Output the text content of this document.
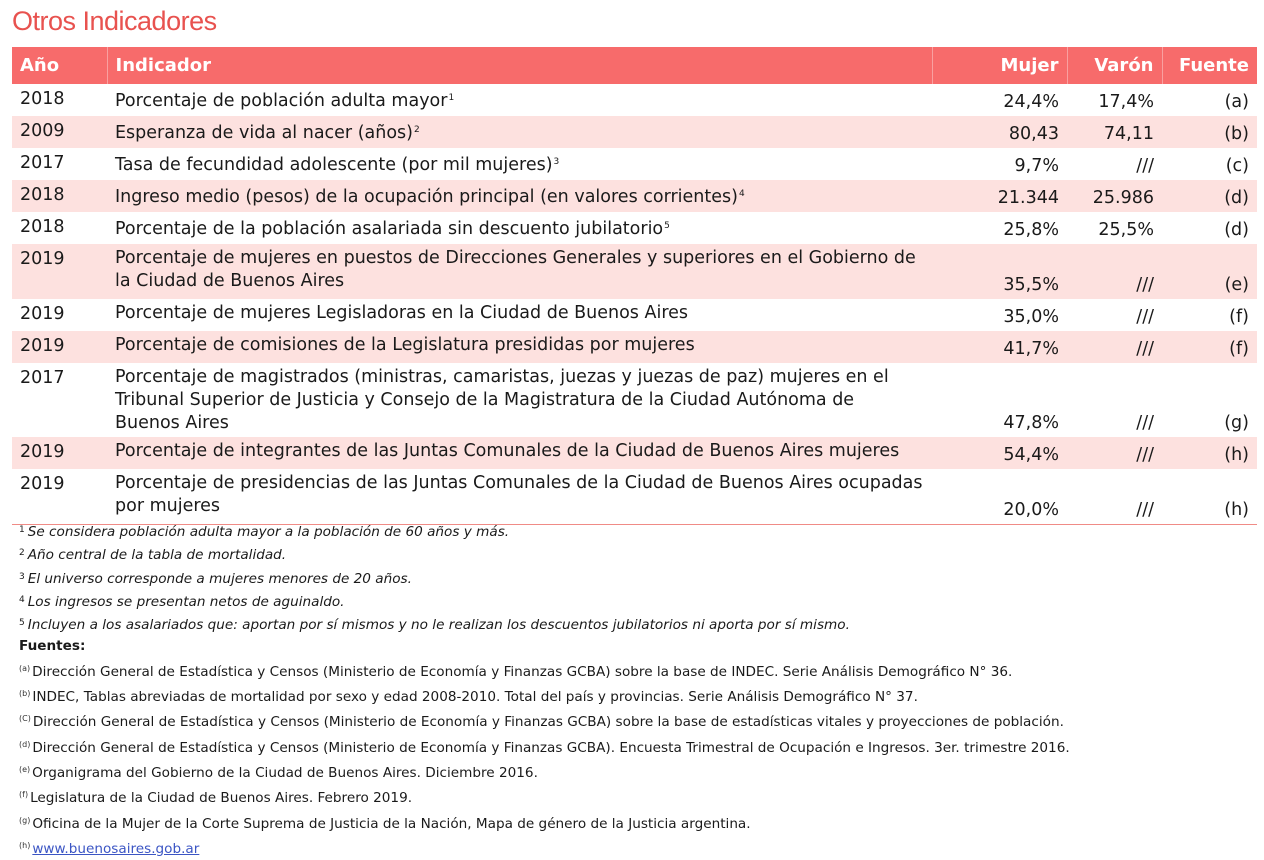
Otros Indicadores
Año	Indicador	Mujer	Varón	Fuente
2018	Porcentaje de población adulta mayor$^1$	24,4%	17,4%	(a)
2009	Esperanza de vida al nacer (años)$^2$	80,43	74,11	(b)
2017	Tasa de fecundidad adolescente (por mil mujeres)$^3$	9,7%	///	(c)
2018	Ingreso medio (pesos) de la ocupación principal (en valores corrientes)$^4$	21.344	25.986	(d)
2018	Porcentaje de la población asalariada sin descuento jubilatorio$^5$	25,8%	25,5%	(d)
2019	Porcentaje de mujeres en puestos de Direcciones Generales y superiores en el Gobierno de la Ciudad de Buenos Aires	35,5%	///	(e)
2019	Porcentaje de mujeres Legisladoras en la Ciudad de Buenos Aires	35,0%	///	(f)
2019	Porcentaje de comisiones de la Legislatura presididas por mujeres	41,7%	///	(f)
2017	Porcentaje de magistrados (ministras, camaristas, juezas y juezas de paz) mujeres en el Tribunal Superior de Justicia y Consejo de la Magistratura de la Ciudad Autónoma de Buenos Aires	47,8%	///	(g)
2019	Porcentaje de integrantes de las Juntas Comunales de la Ciudad de Buenos Aires mujeres	54,4%	///	(h)
2019	Porcentaje de presidencias de las Juntas Comunales de la Ciudad de Buenos Aires ocupadas por mujeres	20,0%	///	(h)
$^1$ Se considera población adulta mayor a la población de 60 años y más.
$^2$ Año central de la tabla de mortalidad.
$^3$ El universo corresponde a mujeres menores de 20 años.
$^4$ Los ingresos se presentan netos de aguinaldo.
$^5$ Incluyen a los asalariados que: aportan por sí mismos y no le realizan los descuentos jubilatorios ni aporta por sí mismo.
Fuentes:
$^{(a)}$ Dirección General de Estadística y Censos (Ministerio de Economía y Finanzas GCBA) sobre la base de INDEC. Serie Análisis Demográfico N° 36.
$^{(b)}$ INDEC, Tablas abreviadas de mortalidad por sexo y edad 2008-2010. Total del país y provincias. Serie Análisis Demográfico N° 37.
$^{(C)}$ Dirección General de Estadística y Censos (Ministerio de Economía y Finanzas GCBA) sobre la base de estadísticas vitales y proyecciones de población.
$^{(d)}$ Dirección General de Estadística y Censos (Ministerio de Economía y Finanzas GCBA). Encuesta Trimestral de Ocupación e Ingresos. 3er. trimestre 2016.
$^{(e)}$ Organigrama del Gobierno de la Ciudad de Buenos Aires. Diciembre 2016.
$^{(f)}$ Legislatura de la Ciudad de Buenos Aires. Febrero 2019.
$^{(g)}$ Oficina de la Mujer de la Corte Suprema de Justicia de la Nación, Mapa de género de la Justicia argentina.
$^{(h)}$ www.buenosaires.gob.ar
